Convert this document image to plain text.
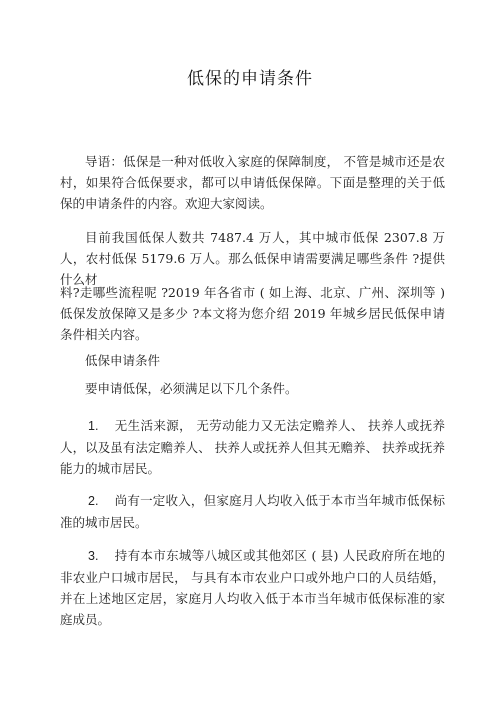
低保的申请条件

导语：低保是一种对低收入家庭的保障制度， 不管是城市还是农村，如果符合低保要求，都可以申请低保保障。下面是整理的关于低保的申请条件的内容。欢迎大家阅读。

目前我国低保人数共 7487.4 万人，其中城市低保 2307.8 万人，农村低保 5179.6 万人。那么低保申请需要满足哪些条件 ?提供什么材

料?走哪些流程呢 ?2019 年各省市 ( 如上海、北京、广州、深圳等 ) 低保发放保障又是多少 ?本文将为您介绍 2019 年城乡居民低保申请条件相关内容。

低保申请条件

要申请低保，必须满足以下几个条件。

1. 无生活来源， 无劳动能力又无法定赡养人、 扶养人或抚养人，以及虽有法定赡养人、 扶养人或抚养人但其无赡养、 扶养或抚养能力的城市居民。

2. 尚有一定收入，但家庭月人均收入低于本市当年城市低保标准的城市居民。

3. 持有本市东城等八城区或其他郊区 ( 县) 人民政府所在地的非农业户口城市居民， 与具有本市农业户口或外地户口的人员结婚， 并在上述地区定居，家庭月人均收入低于本市当年城市低保标准的家庭成员。
